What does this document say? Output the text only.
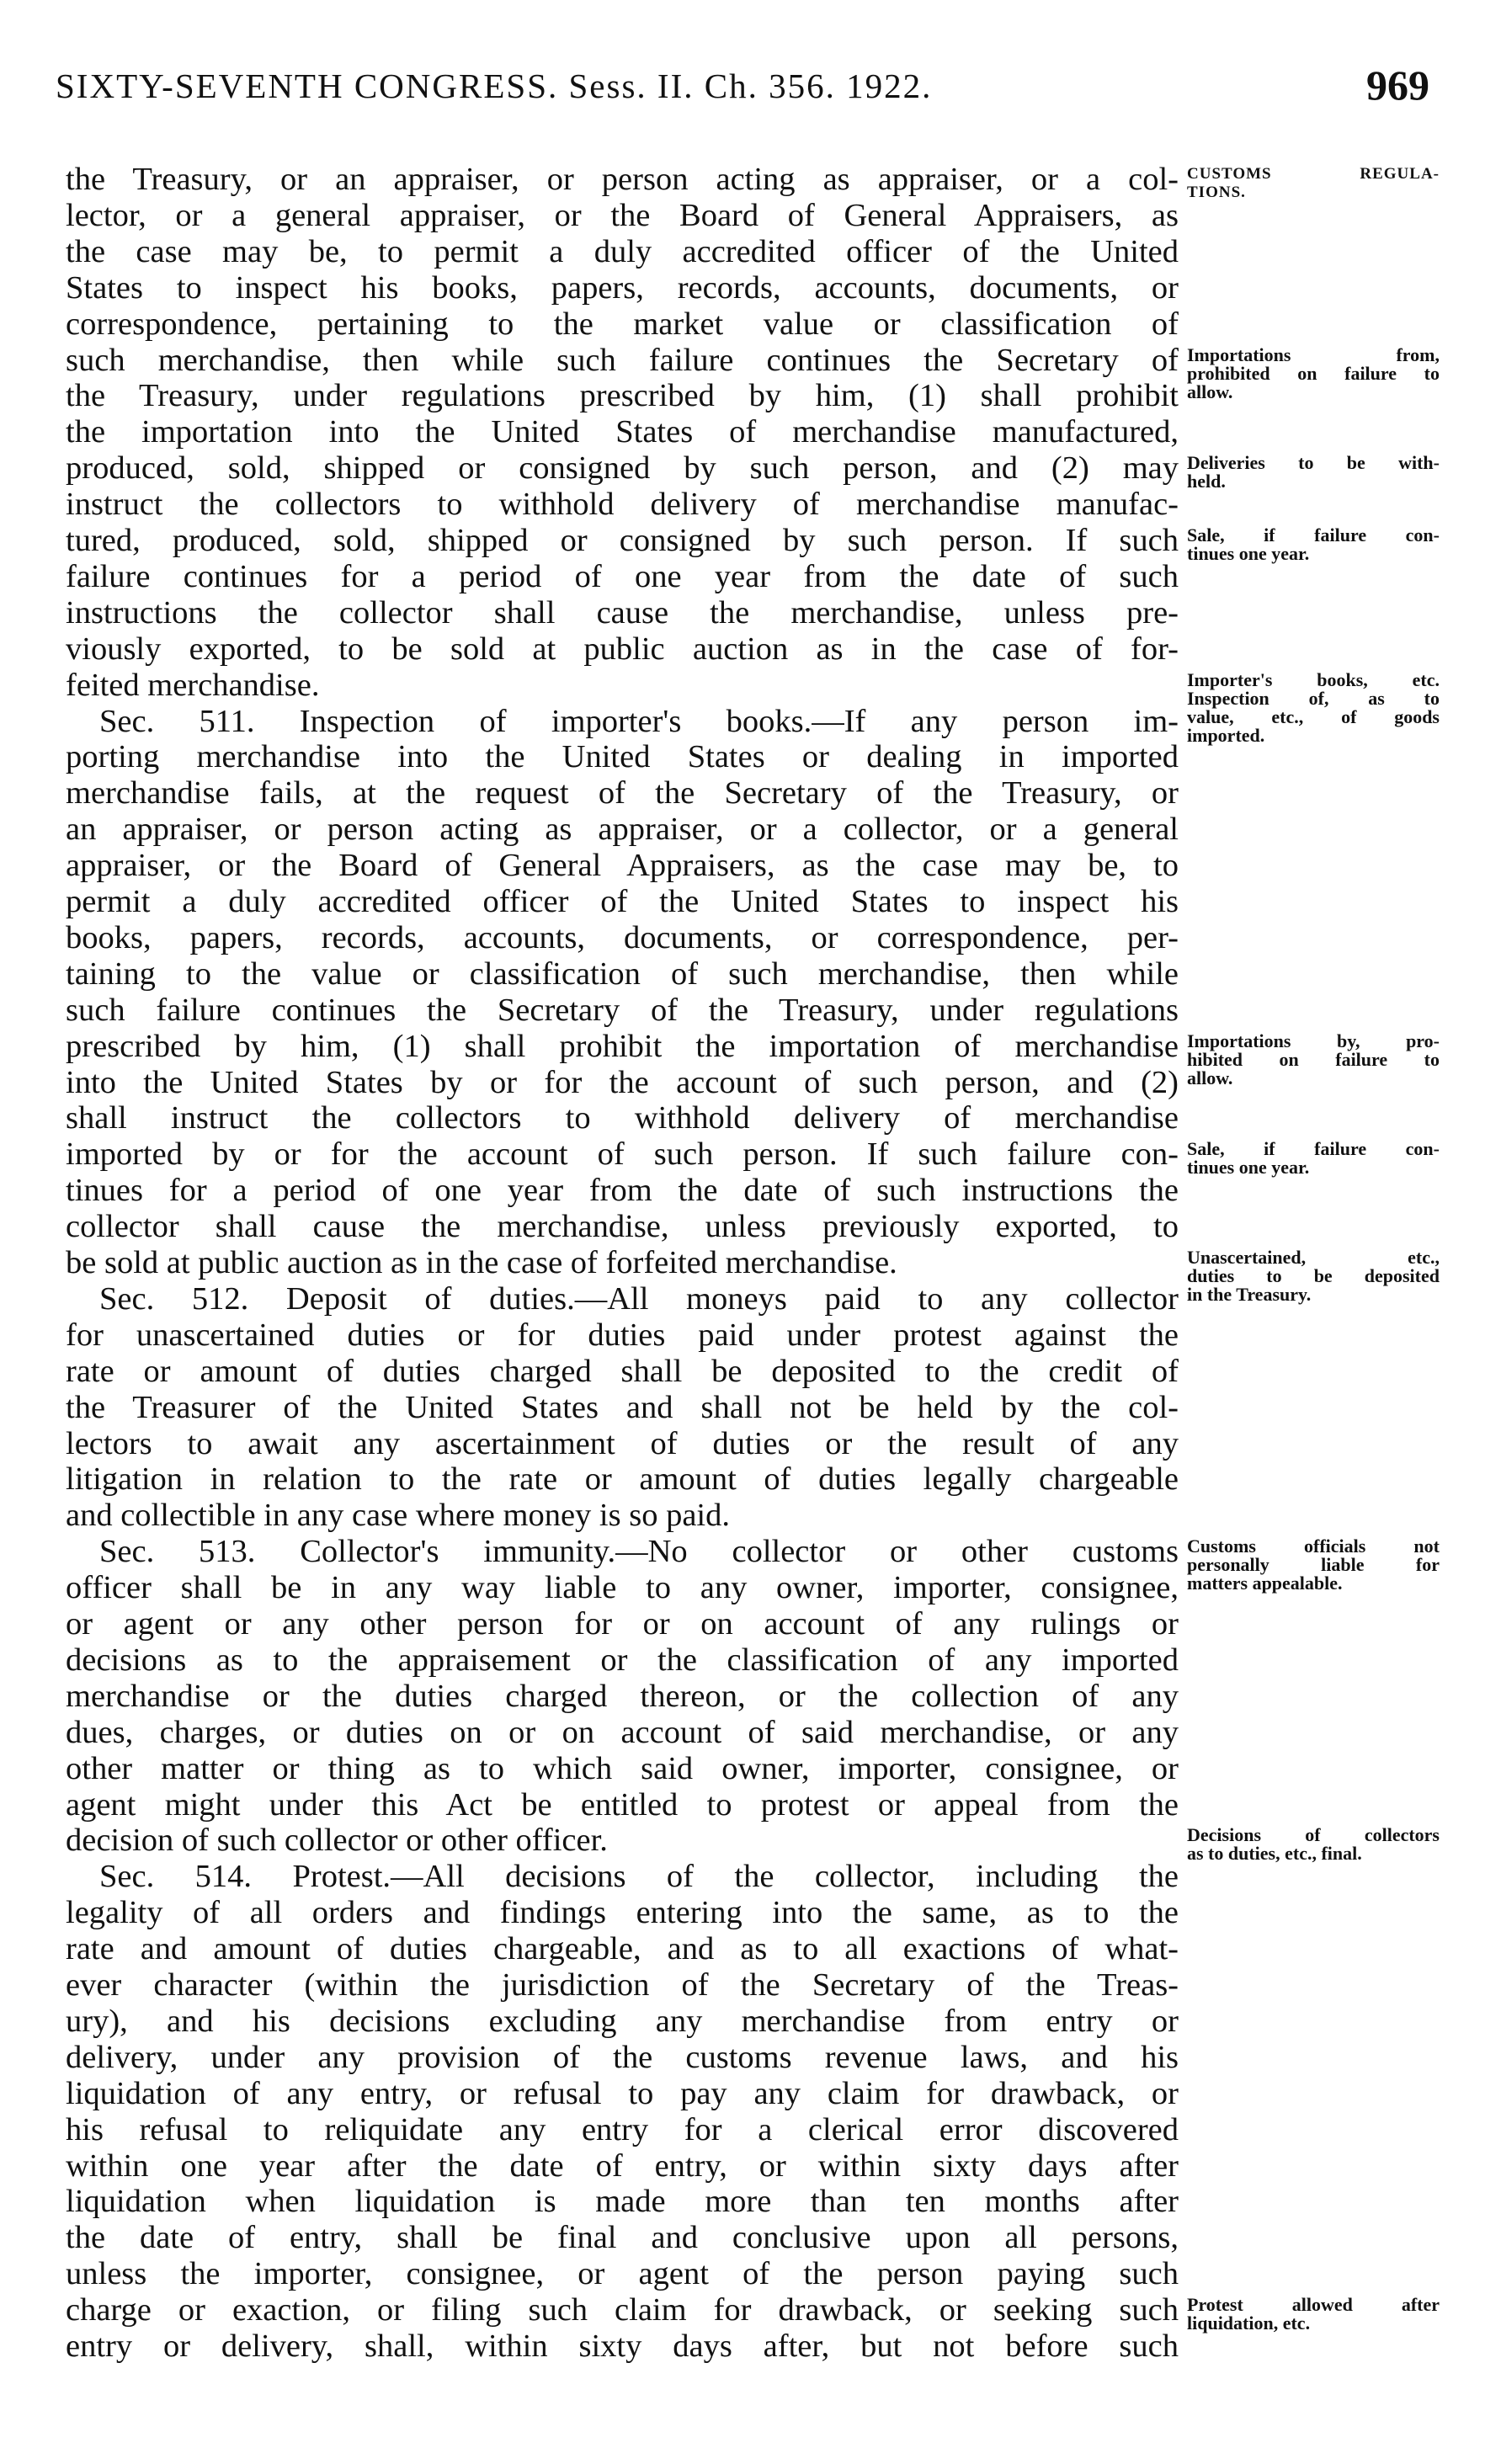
SIXTY-SEVENTH CONGRESS. Sess. II. Ch. 356. 1922.	969
the Treasury, or an appraiser, or person acting as appraiser, or a col-
lector, or a general appraiser, or the Board of General Appraisers, as
the case may be, to permit a duly accredited officer of the United
States to inspect his books, papers, records, accounts, documents, or
correspondence, pertaining to the market value or classification of
such merchandise, then while such failure continues the Secretary of
the Treasury, under regulations prescribed by him, (1) shall prohibit
the importation into the United States of merchandise manufactured,
produced, sold, shipped or consigned by such person, and (2) may
instruct the collectors to withhold delivery of merchandise manufac-
tured, produced, sold, shipped or consigned by such person. If such
failure continues for a period of one year from the date of such
instructions the collector shall cause the merchandise, unless pre-
viously exported, to be sold at public auction as in the case of for-
feited merchandise.
Sec. 511. Inspection of importer's books.—If any person im-
porting merchandise into the United States or dealing in imported
merchandise fails, at the request of the Secretary of the Treasury, or
an appraiser, or person acting as appraiser, or a collector, or a general
appraiser, or the Board of General Appraisers, as the case may be, to
permit a duly accredited officer of the United States to inspect his
books, papers, records, accounts, documents, or correspondence, per-
taining to the value or classification of such merchandise, then while
such failure continues the Secretary of the Treasury, under regulations
prescribed by him, (1) shall prohibit the importation of merchandise
into the United States by or for the account of such person, and (2)
shall instruct the collectors to withhold delivery of merchandise
imported by or for the account of such person. If such failure con-
tinues for a period of one year from the date of such instructions the
collector shall cause the merchandise, unless previously exported, to
be sold at public auction as in the case of forfeited merchandise.
Sec. 512. Deposit of duties.—All moneys paid to any collector
for unascertained duties or for duties paid under protest against the
rate or amount of duties charged shall be deposited to the credit of
the Treasurer of the United States and shall not be held by the col-
lectors to await any ascertainment of duties or the result of any
litigation in relation to the rate or amount of duties legally chargeable
and collectible in any case where money is so paid.
Sec. 513. Collector's immunity.—No collector or other customs
officer shall be in any way liable to any owner, importer, consignee,
or agent or any other person for or on account of any rulings or
decisions as to the appraisement or the classification of any imported
merchandise or the duties charged thereon, or the collection of any
dues, charges, or duties on or on account of said merchandise, or any
other matter or thing as to which said owner, importer, consignee, or
agent might under this Act be entitled to protest or appeal from the
decision of such collector or other officer.
Sec. 514. Protest.—All decisions of the collector, including the
legality of all orders and findings entering into the same, as to the
rate and amount of duties chargeable, and as to all exactions of what-
ever character (within the jurisdiction of the Secretary of the Treas-
ury), and his decisions excluding any merchandise from entry or
delivery, under any provision of the customs revenue laws, and his
liquidation of any entry, or refusal to pay any claim for drawback, or
his refusal to reliquidate any entry for a clerical error discovered
within one year after the date of entry, or within sixty days after
liquidation when liquidation is made more than ten months after
the date of entry, shall be final and conclusive upon all persons,
unless the importer, consignee, or agent of the person paying such
charge or exaction, or filing such claim for drawback, or seeking such
entry or delivery, shall, within sixty days after, but not before such
CUSTOMS REGULA-
TIONS.
Importations from,
prohibited on failure to
allow.
Deliveries to be with-
held.
Sale, if failure con-
tinues one year.
Importer's books, etc.
Inspection of, as to
value, etc., of goods
imported.
Importations by, pro-
hibited on failure to
allow.
Sale, if failure con-
tinues one year.
Unascertained, etc.,
duties to be deposited
in the Treasury.
Customs officials not
personally liable for
matters appealable.
Decisions of collectors
as to duties, etc., final.
Protest allowed after
liquidation, etc.
